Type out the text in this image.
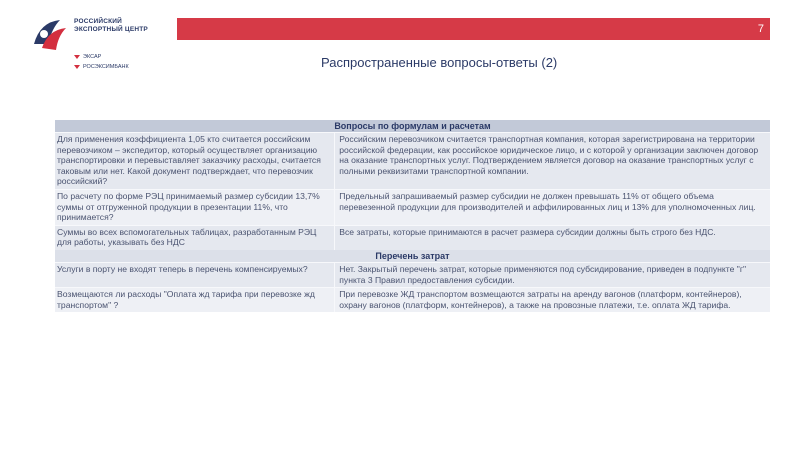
РОССИЙСКИЙ ЭКСПОРТНЫЙ ЦЕНТР
ЭКСАР
РОСЭКСИМБАНК
7
Распространенные вопросы-ответы (2)
Вопросы по формулам и расчетам
Для применения коэффициента 1,05 кто считается российским перевозчиком – экспедитор, который осуществляет организацию транспортировки и перевыставляет заказчику расходы, считается таковым или нет. Какой документ подтверждает, что перевозчик российский?
Российским перевозчиком считается транспортная компания, которая зарегистрирована на территории российской федерации, как российское юридическое лицо, и с которой у организации заключен договор на оказание транспортных услуг. Подтверждением является договор на оказание транспортных услуг с полными реквизитами транспортной компании.
По расчету по форме РЭЦ принимаемый размер субсидии 13,7% суммы от отгруженной продукции в презентации 11%, что принимается?
Предельный запрашиваемый размер субсидии не должен превышать 11% от общего объема перевезенной продукции для производителей и аффилированных лиц и 13% для уполномоченных лиц.
Суммы во всех вспомогательных таблицах, разработанным РЭЦ для работы, указывать без НДС
Все затраты, которые принимаются в расчет размера субсидии должны быть строго без НДС.
Перечень затрат
Услуги в порту не входят теперь в перечень компенсируемых?	Нет. Закрытый перечень затрат, которые применяются под субсидирование, приведен в подпункте "г" пункта 3 Правил предоставления субсидии.
Возмещаются ли расходы "Оплата жд тарифа при перевозке жд транспортом" ?
При перевозке ЖД транспортом возмещаются затраты на аренду вагонов (платформ, контейнеров), охрану вагонов (платформ, контейнеров), а также на провозные платежи, т.е. оплата ЖД тарифа.
